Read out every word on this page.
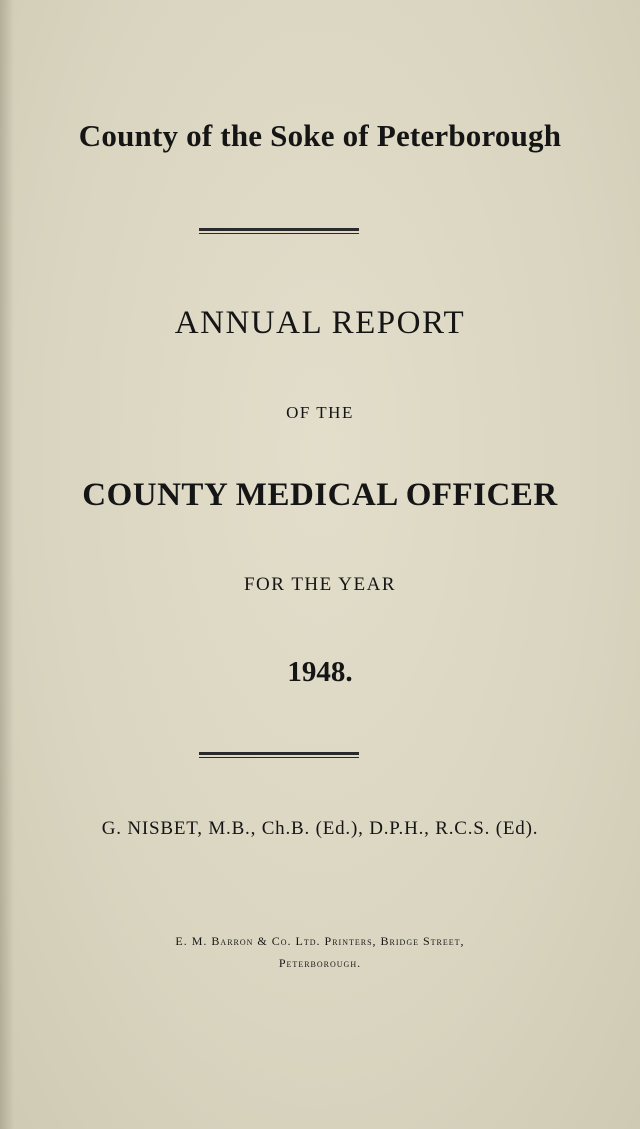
County of the Soke of Peterborough
ANNUAL REPORT
OF THE
COUNTY MEDICAL OFFICER
FOR THE YEAR
1948.
G. NISBET, M.B., Ch.B. (Ed.), D.P.H., R.C.S. (Ed).
E. M. Barron & Co. Ltd. Printers, Bridge Street,
Peterborough.
